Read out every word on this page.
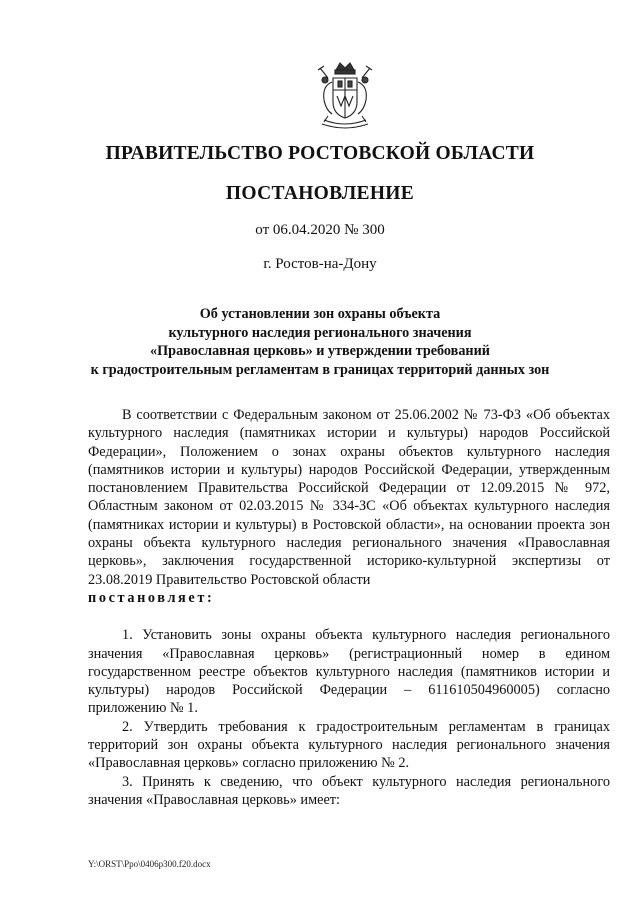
ПРАВИТЕЛЬСТВО РОСТОВСКОЙ ОБЛАСТИ
ПОСТАНОВЛЕНИЕ
от 06.04.2020 № 300
г. Ростов-на-Дону
Об установлении зон охраны объекта
культурного наследия регионального значения
«Православная церковь» и утверждении требований
к градостроительным регламентам в границах территорий данных зон

В соответствии с Федеральным законом от 25.06.2002 № 73-ФЗ «Об объектах культурного наследия (памятниках истории и культуры) народов Российской Федерации», Положением о зонах охраны объектов культурного наследия (памятников истории и культуры) народов Российской Федерации, утвержденным постановлением Правительства Российской Федерации от 12.09.2015 № 972, Областным законом от 02.03.2015 № 334-ЗС «Об объектах культурного наследия (памятниках истории и культуры) в Ростовской области», на основании проекта зон охраны объекта культурного наследия регионального значения «Православная церковь», заключения государственной историко-культурной экспертизы от 23.08.2019 Правительство Ростовской области

постановляет:

1. Установить зоны охраны объекта культурного наследия регионального значения «Православная церковь» (регистрационный номер в едином государственном реестре объектов культурного наследия (памятников истории и культуры) народов Российской Федерации – 611610504960005) согласно приложению № 1.

2. Утвердить требования к градостроительным регламентам в границах территорий зон охраны объекта культурного наследия регионального значения «Православная церковь» согласно приложению № 2.

3. Принять к сведению, что объект культурного наследия регионального значения «Православная церковь» имеет:

Y:\ORST\Ppo\0406p300.f20.docx
